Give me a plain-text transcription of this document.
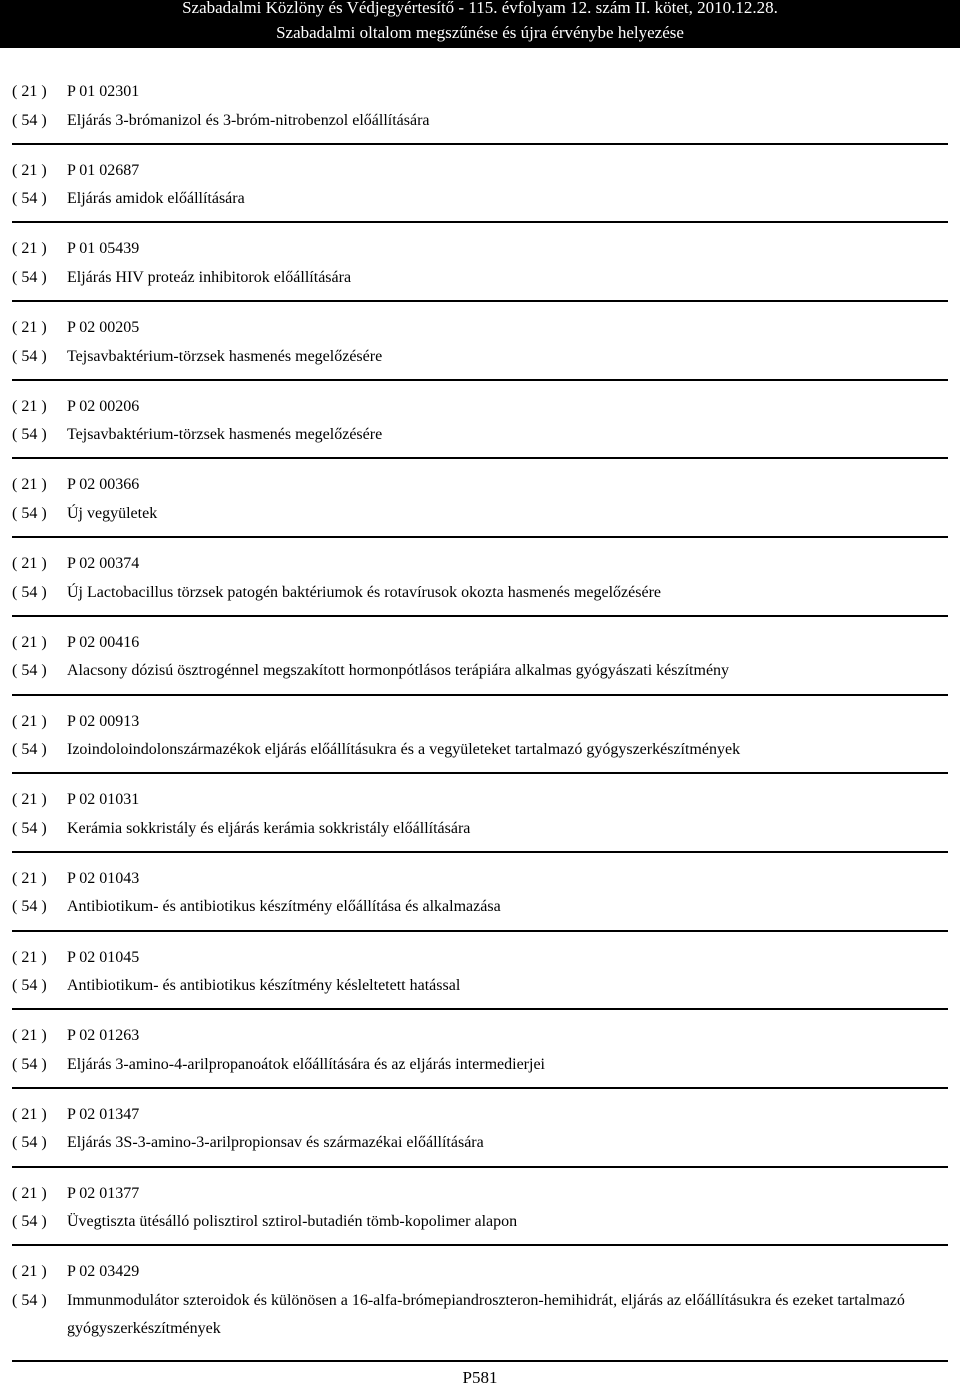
Szabadalmi Közlöny és Védjegyértesítő - 115. évfolyam 12. szám II. kötet, 2010.12.28.
Szabadalmi oltalom megszűnése és újra érvénybe helyezése
( 21 )	P 01 02301
( 54 )	Eljárás 3-brómanizol és 3-bróm-nitrobenzol előállítására
( 21 )	P 01 02687
( 54 )	Eljárás amidok előállítására
( 21 )	P 01 05439
( 54 )	Eljárás HIV proteáz inhibitorok előállítására
( 21 )	P 02 00205
( 54 )	Tejsavbaktérium-törzsek hasmenés megelőzésére
( 21 )	P 02 00206
( 54 )	Tejsavbaktérium-törzsek hasmenés megelőzésére
( 21 )	P 02 00366
( 54 )	Új vegyületek
( 21 )	P 02 00374
( 54 )	Új Lactobacillus törzsek patogén baktériumok és rotavírusok okozta hasmenés megelőzésére
( 21 )	P 02 00416
( 54 )	Alacsony dózisú ösztrogénnel megszakított hormonpótlásos terápiára alkalmas gyógyászati készítmény
( 21 )	P 02 00913
( 54 )	Izoindoloindolonszármazékok eljárás előállításukra és a vegyületeket tartalmazó gyógyszerkészítmények
( 21 )	P 02 01031
( 54 )	Kerámia sokkristály és eljárás kerámia sokkristály előállítására
( 21 )	P 02 01043
( 54 )	Antibiotikum- és antibiotikus készítmény előállítása és alkalmazása
( 21 )	P 02 01045
( 54 )	Antibiotikum- és antibiotikus készítmény késleltetett hatással
( 21 )	P 02 01263
( 54 )	Eljárás 3-amino-4-arilpropanoátok előállítására és az eljárás intermedierjei
( 21 )	P 02 01347
( 54 )	Eljárás 3S-3-amino-3-arilpropionsav és származékai előállítására
( 21 )	P 02 01377
( 54 )	Üvegtiszta ütésálló polisztirol sztirol-butadién tömb-kopolimer alapon
( 21 )	P 02 03429
( 54 )	Immunmodulátor szteroidok és különösen a 16-alfa-brómepiandroszteron-hemihidrát, eljárás az előállításukra és ezeket tartalmazó gyógyszerkészítmények
P581
